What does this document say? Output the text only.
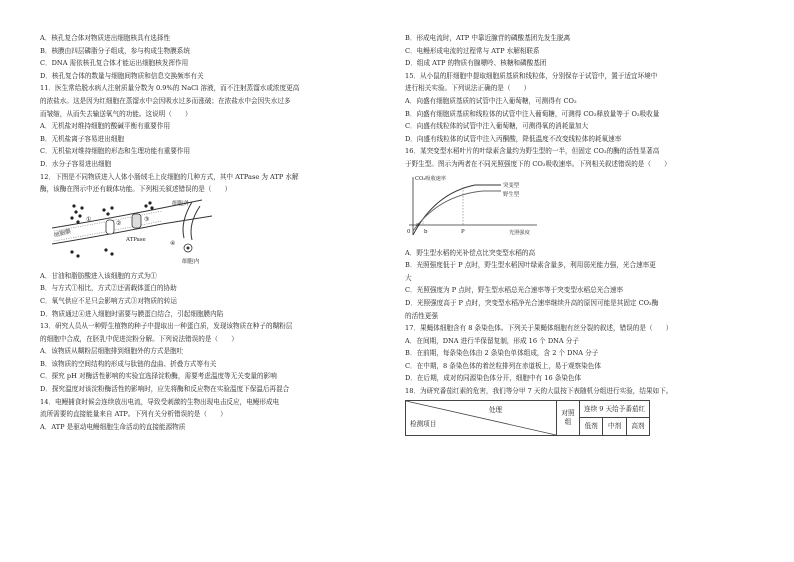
A．核孔复合体对物质进出细胞核具有选择性
B．核膜由四层磷脂分子组成，参与构成生物膜系统
C．DNA 需依核孔复合体才能运出细胞核发挥作用
D．核孔复合体的数量与细胞间物质和信息交换频率有关
11．医生常给脱水病人注射质量分数为 0.9%的 NaCl 溶液，而不注射蒸馏水或浓度更高
的浓盐水。这是因为红细胞在蒸馏水中会因吸水过多而涨破；在浓盐水中会因失水过多
而皱缩，从而失去输送氧气的功能。这说明（　　）
A．无机盐对维持细胞的酸碱平衡有重要作用
B．无机盐离子容易进出细胞
C．无机盐对维持细胞的形态和生理功能有重要作用
D．水分子容易进出细胞
12．下图是不同物质进入人体小肠绒毛上皮细胞的几种方式，其中 ATPase 为 ATP 水解
酶，该酶在图示中还有载体功能。下列相关叙述错误的是（　　）
细胞外
细胞内
细胞膜
ATPase
①
②
③
④
A．甘油和脂肪酸进入该细胞的方式为①
B．与方式①相比，方式②还需载体蛋白的协助
C．氧气供应不足只会影响方式③对物质的转运
D．物质通过④进入细胞时需要与膜蛋白结合，引起细胞膜内陷
13．研究人员从一种野生植物的种子中提取出一种蛋白质，发现该物质在种子的糊粉层
的细胞中合成，在胚乳中促进淀粉分解。下列说法错误的是（　　）
A．该物质从糊粉层细胞排到细胞外的方式是胞吐
B．该物质的空间结构的形成与肽链的盘曲、折叠方式等有关
C．探究 pH 对酶活性影响的实验宜选择淀粉酶，需要考虑温度等无关变量的影响
D．探究温度对该淀粉酶活性的影响时，应先将酶和反应物在实验温度下保温后再混合
14．电鳗捕食时候会连续放出电流，导致受刺激的生物出现电击反应，电鳗形成电
流所需要的直接能量来自 ATP。下列有关分析错误的是（　　）
A．ATP 是驱动电鳗细胞生命活动的直接能源物质
B．形成电流时，ATP 中靠近腺苷的磷酸基团先发生脱离
C．电鳗形成电流的过程常与 ATP 水解相联系
D．组成 ATP 的物质有腺嘌呤、核糖和磷酸基团
15．从小鼠的肝细胞中提取细胞质基质和线粒体，分别保存于试管中，置于适宜环境中
进行相关实验。下列说法正确的是（　　）
A．向盛有细胞质基质的试管中注入葡萄糖，可测得有 CO₂
B．向盛有细胞质基质和线粒体的试管中注入葡萄糖，可测得 CO₂释放量等于 O₂吸收量
C．向盛有线粒体的试管中注入葡萄糖，可测得氧的消耗量加大
D．向盛有线粒体的试管中注入丙酮酸，降低温度不改变线粒体的耗氧速率
16．某突变型水稻叶片的叶绿素含量约为野生型的一半，但固定 CO₂的酶的活性显著高
于野生型。图示为两者在不同光照强度下的 CO₂吸收速率。下列相关叙述错误的是（　　）
CO₂吸收速率
光照强度
突变型
野生型
a
b	P
0
A．野生型水稻的光补偿点比突变型水稻的高
B．光照强度低于 P 点时，野生型水稻因叶绿素含量多，利用弱光能力强，光合速率更
大
C．光照强度为 P 点时，野生型水稻总光合速率等于突变型水稻总光合速率
D．光照强度高于 P 点时，突变型水稻净光合速率继续升高的原因可能是其固定 CO₂酶
的活性更强
17．果蝇体细胞含有 8 条染色体。下列关于果蝇体细胞有丝分裂的叙述，错误的是（　　）
A．在间期，DNA 进行半保留复制，形成 16 个 DNA 分子
B．在前期，每条染色体由 2 条染色单体组成，含 2 个 DNA 分子
C．在中期，8 条染色体的着丝粒排列在赤道板上，易于观察染色体
D．在后期，成对的同源染色体分开，细胞中有 16 条染色体
18．为研究番茄红素的危害，我们等分甲 7 天的大鼠按下表随机分组进行实验，结果如下。
处理
检测项目	对照组	连续 9 天给予番茄红		
		低剂	中剂	高剂
